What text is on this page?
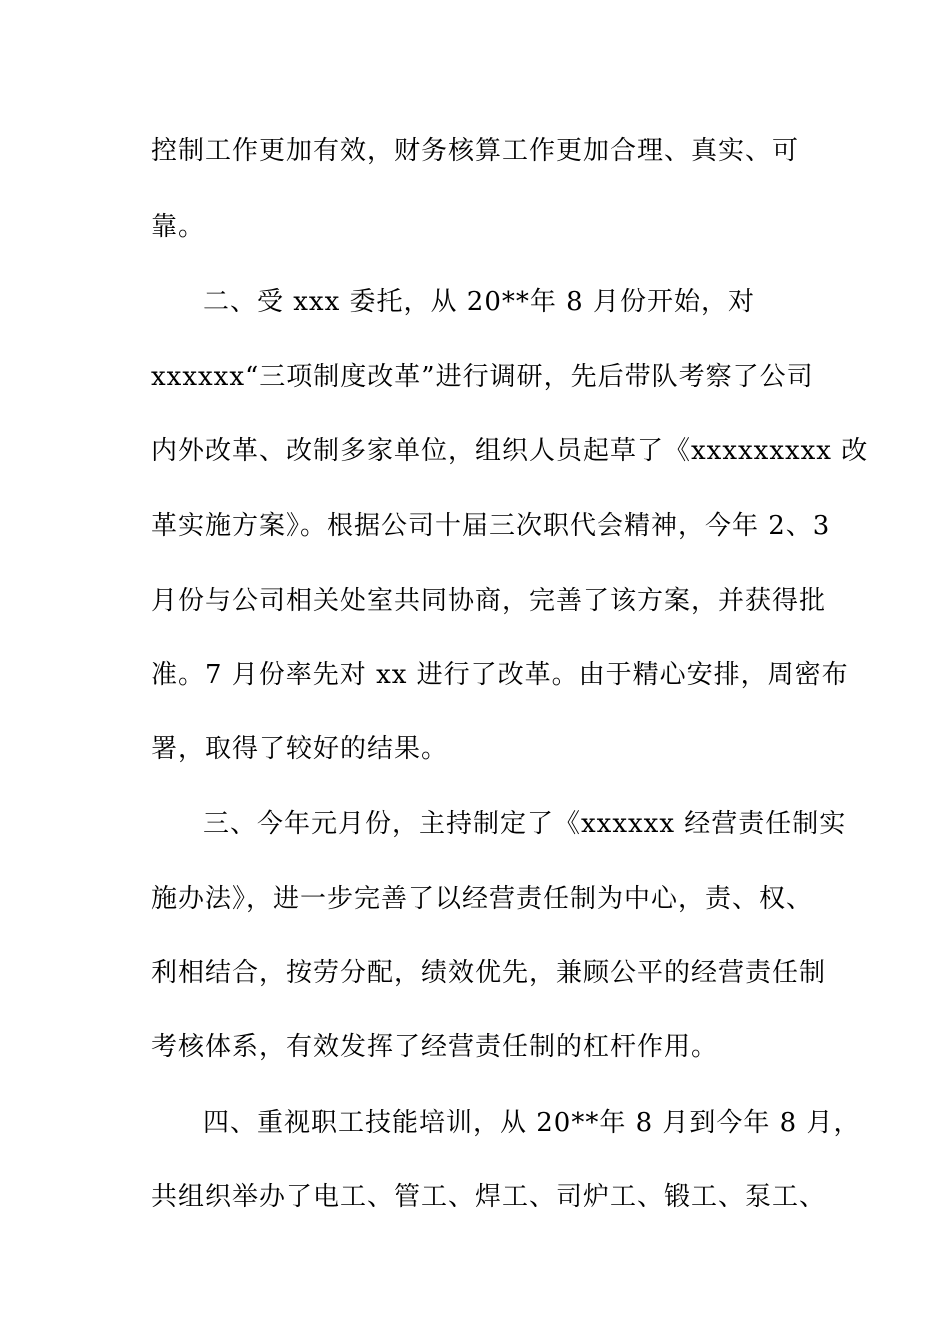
控制工作更加有效，财务核算工作更加合理、真实、可
靠。
二、受 xxx 委托，从 20**年 8 月份开始，对
xxxxxx“三项制度改革”进行调研，先后带队考察了公司
内外改革、改制多家单位，组织人员起草了《xxxxxxxxx 改
革实施方案》。根据公司十届三次职代会精神，今年 2、3
月份与公司相关处室共同协商，完善了该方案，并获得批
准。7 月份率先对 xx 进行了改革。由于精心安排，周密布
署，取得了较好的结果。
三、今年元月份，主持制定了《xxxxxx 经营责任制实
施办法》，进一步完善了以经营责任制为中心，责、权、
利相结合，按劳分配，绩效优先，兼顾公平的经营责任制
考核体系，有效发挥了经营责任制的杠杆作用。
四、重视职工技能培训，从 20**年 8 月到今年 8 月，
共组织举办了电工、管工、焊工、司炉工、锻工、泵工、
